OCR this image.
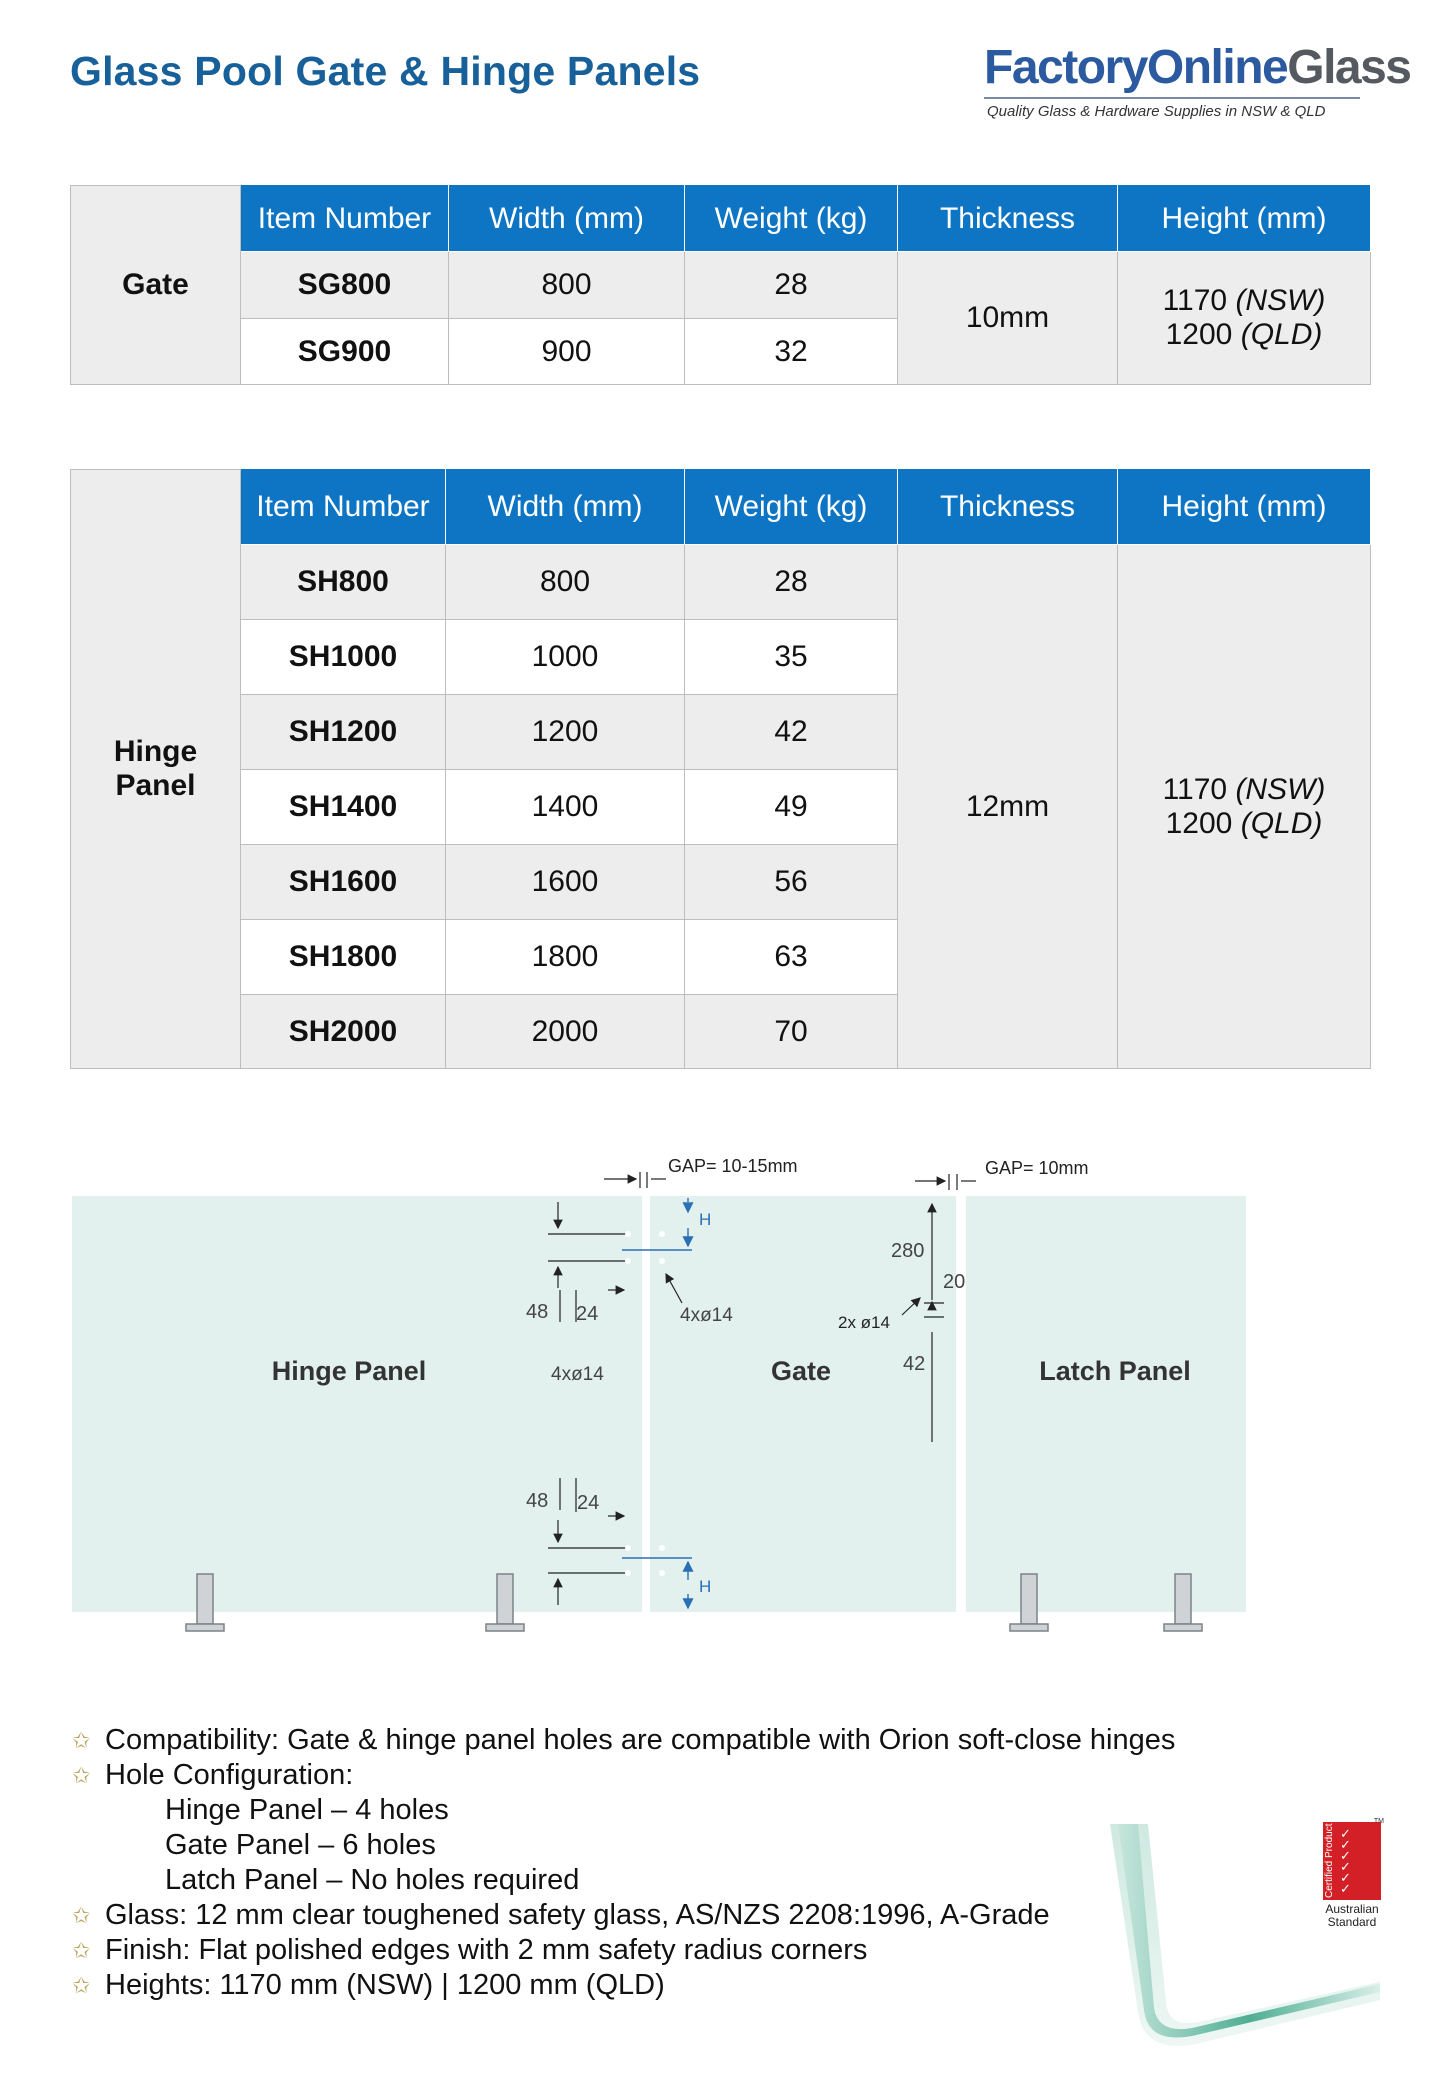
Glass Pool Gate & Hinge Panels	FactoryOnlineGlass
Quality Glass & Hardware Supplies in NSW & QLD
Gate	Item Number	Width (mm)	Weight (kg)	Thickness	Height (mm)
	SG800	800	28	10mm	1170 (NSW)
1200 (QLD)
	SG900	900	32		
Hinge
Panel	Item Number	Width (mm)	Weight (kg)	Thickness	Height (mm)
	SH800	800	28	12mm	1170 (NSW)
1200 (QLD)
	SH1000	1000	35		
	SH1200	1200	42		
	SH1400	1400	49		
	SH1600	1600	56		
	SH1800	1800	63		
	SH2000	2000	70		
GAP= 10-15mm	GAP= 10mm
48 24
H
4xø14
4xø14
Hinge Panel	Gate	Latch Panel
280
20
42
2x ø14
48 24
H
✩ Compatibility: Gate & hinge panel holes are compatible with Orion soft-close hinges
✩ Hole Configuration:
Hinge Panel – 4 holes
Gate Panel – 6 holes
Latch Panel – No holes required
✩ Glass: 12 mm clear toughened safety glass, AS/NZS 2208:1996, A-Grade
✩ Finish: Flat polished edges with 2 mm safety radius corners
✩ Heights: 1170 mm (NSW) | 1200 mm (QLD)
Certified Product ✓
✓
✓
✓
✓
✓
TM
Australian
Standard
